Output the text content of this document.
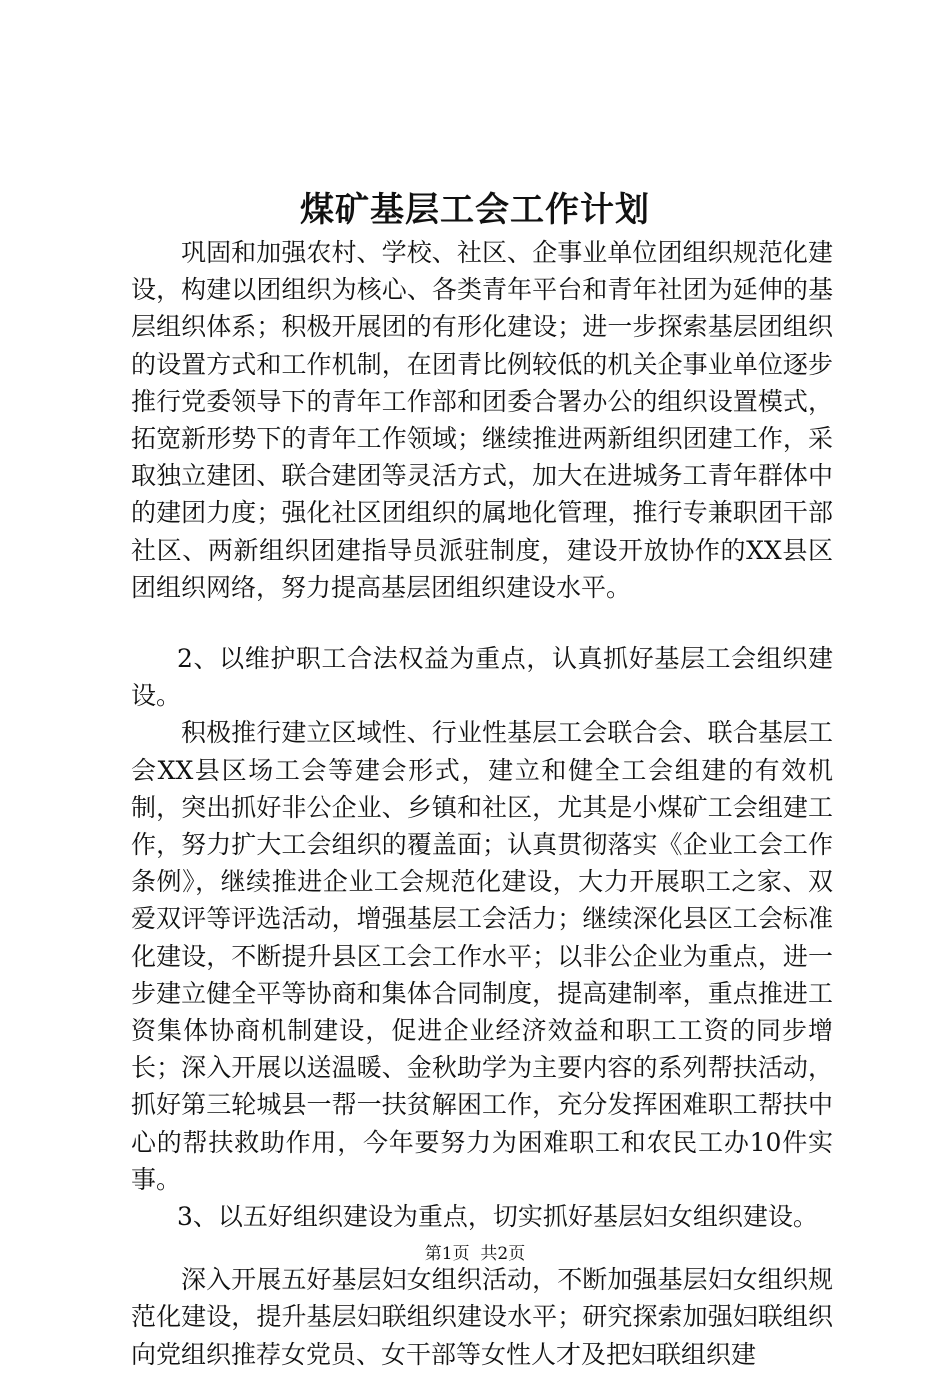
煤矿基层工会工作计划

巩固和加强农村、学校、社区、企事业单位团组织规范化建设，构建以团组织为核心、各类青年平台和青年社团为延伸的基层组织体系；积极开展团的有形化建设；进一步探索基层团组织的设置方式和工作机制，在团青比例较低的机关企事业单位逐步推行党委领导下的青年工作部和团委合署办公的组织设置模式，拓宽新形势下的青年工作领域；继续推进两新组织团建工作，采取独立建团、联合建团等灵活方式，加大在进城务工青年群体中的建团力度；强化社区团组织的属地化管理，推行专兼职团干部社区、两新组织团建指导员派驻制度，建设开放协作的XX县区团组织网络，努力提高基层团组织建设水平。

2、以维护职工合法权益为重点，认真抓好基层工会组织建设。

积极推行建立区域性、行业性基层工会联合会、联合基层工会XX县区场工会等建会形式，建立和健全工会组建的有效机制，突出抓好非公企业、乡镇和社区，尤其是小煤矿工会组建工作，努力扩大工会组织的覆盖面；认真贯彻落实《企业工会工作条例》，继续推进企业工会规范化建设，大力开展职工之家、双爱双评等评选活动，增强基层工会活力；继续深化县区工会标准化建设，不断提升县区工会工作水平；以非公企业为重点，进一步建立健全平等协商和集体合同制度，提高建制率，重点推进工资集体协商机制建设，促进企业经济效益和职工工资的同步增长；深入开展以送温暖、金秋助学为主要内容的系列帮扶活动，抓好第三轮城县一帮一扶贫解困工作，充分发挥困难职工帮扶中心的帮扶救助作用，今年要努力为困难职工和农民工办10件实事。

3、以五好组织建设为重点，切实抓好基层妇女组织建设。

深入开展五好基层妇女组织活动，不断加强基层妇女组织规范化建设，提升基层妇联组织建设水平；研究探索加强妇联组织向党组织推荐女党员、女干部等女性人才及把妇联组织建

第1页  共2页
